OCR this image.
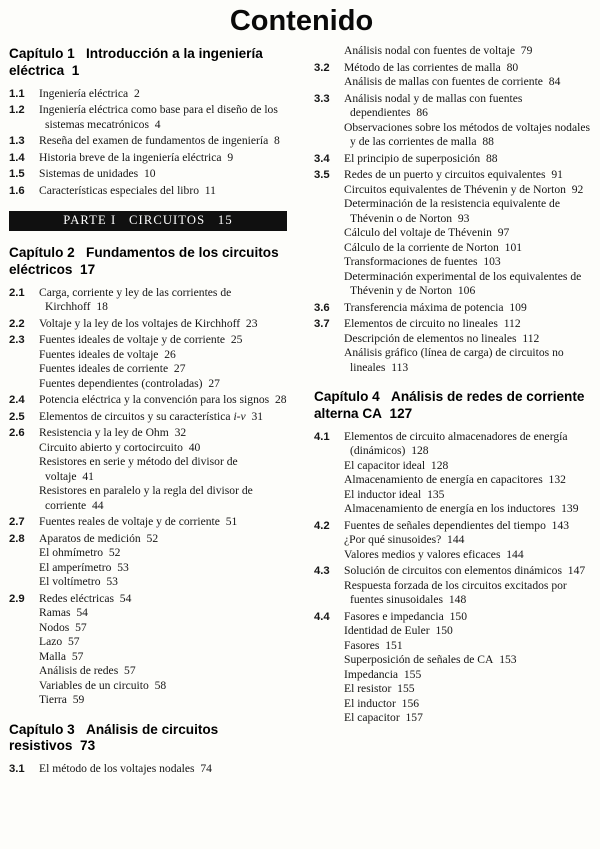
Contenido
Capítulo 1   Introducción a la ingeniería eléctrica  1
1.1 Ingeniería eléctrica  2
1.2 Ingeniería eléctrica como base para el diseño de los sistemas mecatrónicos  4
1.3 Reseña del examen de fundamentos de ingeniería  8
1.4 Historia breve de la ingeniería eléctrica  9
1.5 Sistemas de unidades  10
1.6 Características especiales del libro  11
PARTE I   CIRCUITOS   15
Capítulo 2   Fundamentos de los circuitos eléctricos  17
2.1 Carga, corriente y ley de las corrientes de Kirchhoff  18
2.2 Voltaje y la ley de los voltajes de Kirchhoff  23
2.3 Fuentes ideales de voltaje y de corriente  25
Fuentes ideales de voltaje  26
Fuentes ideales de corriente  27
Fuentes dependientes (controladas)  27
2.4 Potencia eléctrica y la convención para los signos  28
2.5 Elementos de circuitos y su característica i-v  31
2.6 Resistencia y la ley de Ohm  32
Circuito abierto y cortocircuito  40
Resistores en serie y método del divisor de voltaje  41
Resistores en paralelo y la regla del divisor de corriente  44
2.7 Fuentes reales de voltaje y de corriente  51
2.8 Aparatos de medición  52
El ohmímetro  52
El amperímetro  53
El voltímetro  53
2.9 Redes eléctricas  54
Ramas  54
Nodos  57
Lazo  57
Malla  57
Análisis de redes  57
Variables de un circuito  58
Tierra  59
Capítulo 3   Análisis de circuitos resistivos  73
3.1 El método de los voltajes nodales  74
Análisis nodal con fuentes de voltaje  79
3.2 Método de las corrientes de malla  80
Análisis de mallas con fuentes de corriente  84
3.3 Análisis nodal y de mallas con fuentes dependientes  86
Observaciones sobre los métodos de voltajes nodales y de las corrientes de malla  88
3.4 El principio de superposición  88
3.5 Redes de un puerto y circuitos equivalentes  91
Circuitos equivalentes de Thévenin y de Norton  92
Determinación de la resistencia equivalente de Thévenin o de Norton  93
Cálculo del voltaje de Thévenin  97
Cálculo de la corriente de Norton  101
Transformaciones de fuentes  103
Determinación experimental de los equivalentes de Thévenin y de Norton  106
3.6 Transferencia máxima de potencia  109
3.7 Elementos de circuito no lineales  112
Descripción de elementos no lineales  112
Análisis gráfico (línea de carga) de circuitos no lineales  113
Capítulo 4   Análisis de redes de corriente alterna CA  127
4.1 Elementos de circuito almacenadores de energía (dinámicos)  128
El capacitor ideal  128
Almacenamiento de energía en capacitores  132
El inductor ideal  135
Almacenamiento de energía en los inductores  139
4.2 Fuentes de señales dependientes del tiempo  143
¿Por qué sinusoides?  144
Valores medios y valores eficaces  144
4.3 Solución de circuitos con elementos dinámicos  147
Respuesta forzada de los circuitos excitados por fuentes sinusoidales  148
4.4 Fasores e impedancia  150
Identidad de Euler  150
Fasores  151
Superposición de señales de CA  153
Impedancia  155
El resistor  155
El inductor  156
El capacitor  157
